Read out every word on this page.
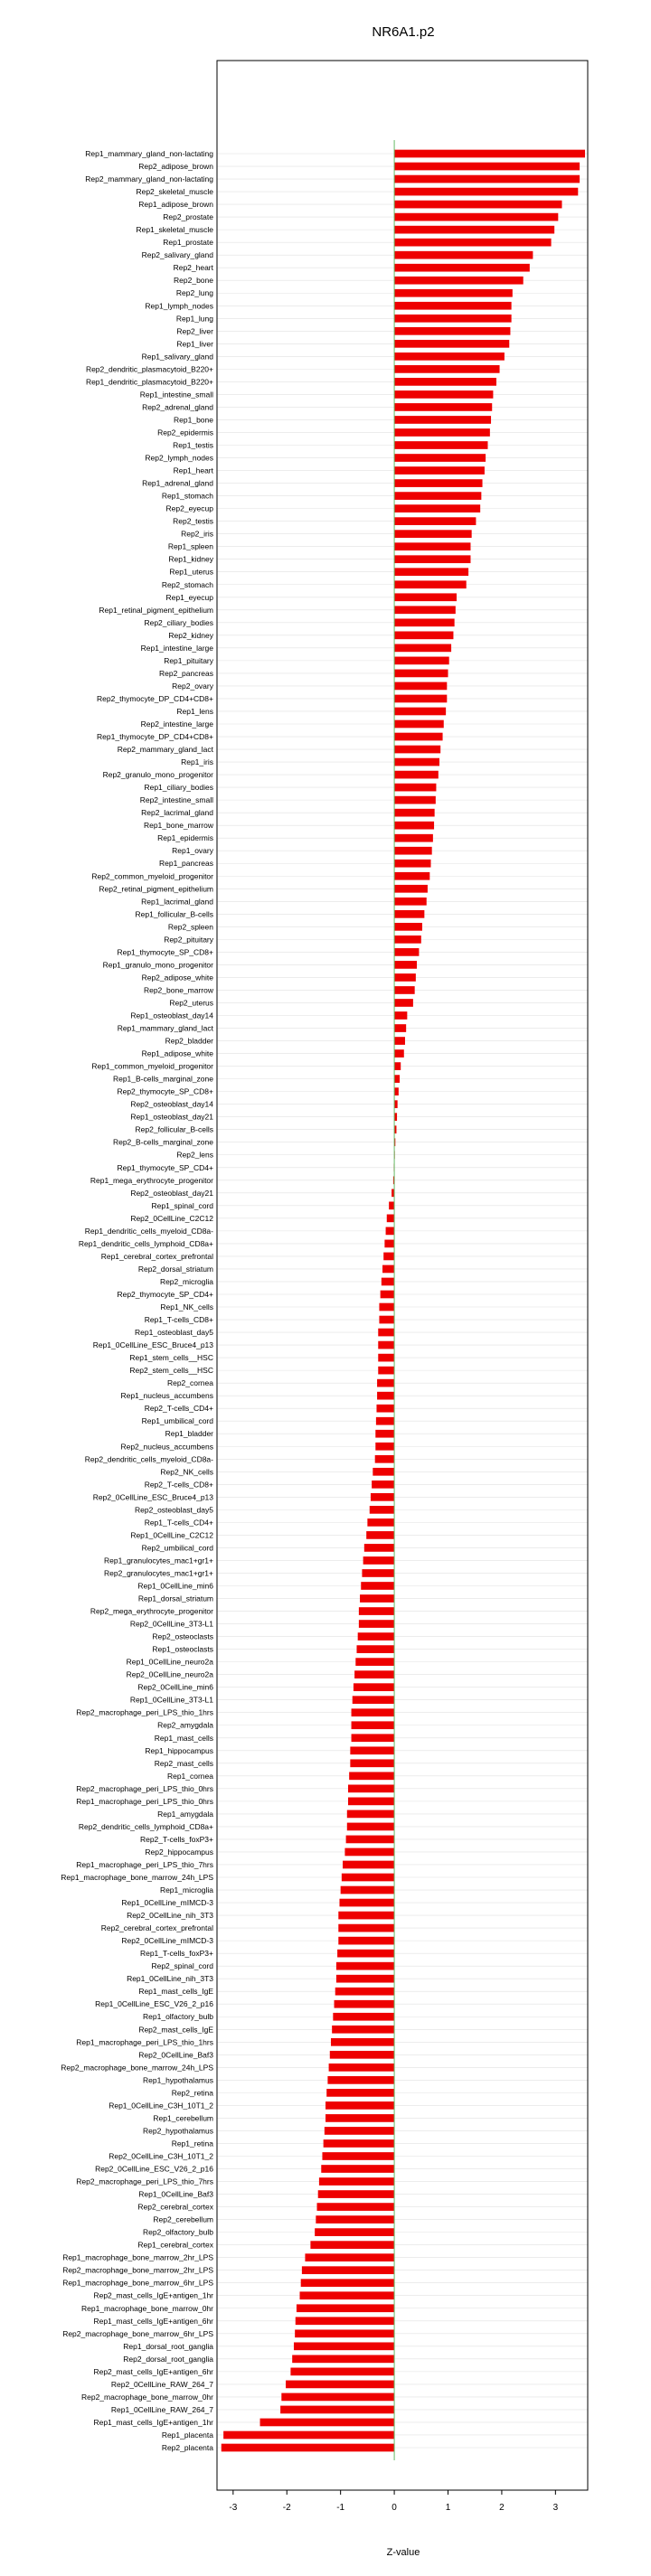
NR6A1.p2
Rep1_mammary_gland_non-lactating
Rep2_adipose_brown
Rep2_mammary_gland_non-lactating
Rep2_skeletal_muscle
Rep1_adipose_brown
Rep2_prostate
Rep1_skeletal_muscle
Rep1_prostate
Rep2_salivary_gland
Rep2_heart
Rep2_bone
Rep2_lung
Rep1_lymph_nodes
Rep1_lung
Rep2_liver
Rep1_liver
Rep1_salivary_gland
Rep2_dendritic_plasmacytoid_B220+
Rep1_dendritic_plasmacytoid_B220+
Rep1_intestine_small
Rep2_adrenal_gland
Rep1_bone
Rep2_epidermis
Rep1_testis
Rep2_lymph_nodes
Rep1_heart
Rep1_adrenal_gland
Rep1_stomach
Rep2_eyecup
Rep2_testis
Rep2_iris
Rep1_spleen
Rep1_kidney
Rep1_uterus
Rep2_stomach
Rep1_eyecup
Rep1_retinal_pigment_epithelium
Rep2_ciliary_bodies
Rep2_kidney
Rep1_intestine_large
Rep1_pituitary
Rep2_pancreas
Rep2_ovary
Rep2_thymocyte_DP_CD4+CD8+
Rep1_lens
Rep2_intestine_large
Rep1_thymocyte_DP_CD4+CD8+
Rep2_mammary_gland_lact
Rep1_iris
Rep2_granulo_mono_progenitor
Rep1_ciliary_bodies
Rep2_intestine_small
Rep2_lacrimal_gland
Rep1_bone_marrow
Rep1_epidermis
Rep1_ovary
Rep1_pancreas
Rep2_common_myeloid_progenitor
Rep2_retinal_pigment_epithelium
Rep1_lacrimal_gland
Rep1_follicular_B-cells
Rep2_spleen
Rep2_pituitary
Rep1_thymocyte_SP_CD8+
Rep1_granulo_mono_progenitor
Rep2_adipose_white
Rep2_bone_marrow
Rep2_uterus
Rep1_osteoblast_day14
Rep1_mammary_gland_lact
Rep2_bladder
Rep1_adipose_white
Rep1_common_myeloid_progenitor
Rep1_B-cells_marginal_zone
Rep2_thymocyte_SP_CD8+
Rep2_osteoblast_day14
Rep1_osteoblast_day21
Rep2_follicular_B-cells
Rep2_B-cells_marginal_zone
Rep2_lens
Rep1_thymocyte_SP_CD4+
Rep1_mega_erythrocyte_progenitor
Rep2_osteoblast_day21
Rep1_spinal_cord
Rep2_0CellLine_C2C12
Rep1_dendritic_cells_myeloid_CD8a-
Rep1_dendritic_cells_lymphoid_CD8a+
Rep1_cerebral_cortex_prefrontal
Rep2_dorsal_striatum
Rep2_microglia
Rep2_thymocyte_SP_CD4+
Rep1_NK_cells
Rep1_T-cells_CD8+
Rep1_osteoblast_day5
Rep1_0CellLine_ESC_Bruce4_p13
Rep1_stem_cells__HSC
Rep2_stem_cells__HSC
Rep2_cornea
Rep1_nucleus_accumbens
Rep2_T-cells_CD4+
Rep1_umbilical_cord
Rep1_bladder
Rep2_nucleus_accumbens
Rep2_dendritic_cells_myeloid_CD8a-
Rep2_NK_cells
Rep2_T-cells_CD8+
Rep2_0CellLine_ESC_Bruce4_p13
Rep2_osteoblast_day5
Rep1_T-cells_CD4+
Rep1_0CellLine_C2C12
Rep2_umbilical_cord
Rep1_granulocytes_mac1+gr1+
Rep2_granulocytes_mac1+gr1+
Rep1_0CellLine_min6
Rep1_dorsal_striatum
Rep2_mega_erythrocyte_progenitor
Rep2_0CellLine_3T3-L1
Rep2_osteoclasts
Rep1_osteoclasts
Rep1_0CellLine_neuro2a
Rep2_0CellLine_neuro2a
Rep2_0CellLine_min6
Rep1_0CellLine_3T3-L1
Rep2_macrophage_peri_LPS_thio_1hrs
Rep2_amygdala
Rep1_mast_cells
Rep1_hippocampus
Rep2_mast_cells
Rep1_cornea
Rep2_macrophage_peri_LPS_thio_0hrs
Rep1_macrophage_peri_LPS_thio_0hrs
Rep1_amygdala
Rep2_dendritic_cells_lymphoid_CD8a+
Rep2_T-cells_foxP3+
Rep2_hippocampus
Rep1_macrophage_peri_LPS_thio_7hrs
Rep1_macrophage_bone_marrow_24h_LPS
Rep1_microglia
Rep1_0CellLine_mIMCD-3
Rep2_0CellLine_nih_3T3
Rep2_cerebral_cortex_prefrontal
Rep2_0CellLine_mIMCD-3
Rep1_T-cells_foxP3+
Rep2_spinal_cord
Rep1_0CellLine_nih_3T3
Rep1_mast_cells_IgE
Rep1_0CellLine_ESC_V26_2_p16
Rep1_olfactory_bulb
Rep2_mast_cells_IgE
Rep1_macrophage_peri_LPS_thio_1hrs
Rep2_0CellLine_Baf3
Rep2_macrophage_bone_marrow_24h_LPS
Rep1_hypothalamus
Rep2_retina
Rep1_0CellLine_C3H_10T1_2
Rep1_cerebellum
Rep2_hypothalamus
Rep1_retina
Rep2_0CellLine_C3H_10T1_2
Rep2_0CellLine_ESC_V26_2_p16
Rep2_macrophage_peri_LPS_thio_7hrs
Rep1_0CellLine_Baf3
Rep2_cerebral_cortex
Rep2_cerebellum
Rep2_olfactory_bulb
Rep1_cerebral_cortex
Rep1_macrophage_bone_marrow_2hr_LPS
Rep2_macrophage_bone_marrow_2hr_LPS
Rep1_macrophage_bone_marrow_6hr_LPS
Rep2_mast_cells_IgE+antigen_1hr
Rep1_macrophage_bone_marrow_0hr
Rep1_mast_cells_IgE+antigen_6hr
Rep2_macrophage_bone_marrow_6hr_LPS
Rep1_dorsal_root_ganglia
Rep2_dorsal_root_ganglia
Rep2_mast_cells_IgE+antigen_6hr
Rep2_0CellLine_RAW_264_7
Rep2_macrophage_bone_marrow_0hr
Rep1_0CellLine_RAW_264_7
Rep1_mast_cells_IgE+antigen_1hr
Rep1_placenta
Rep2_placenta
-3	-2	-1	0	1	2	3
Z-value
